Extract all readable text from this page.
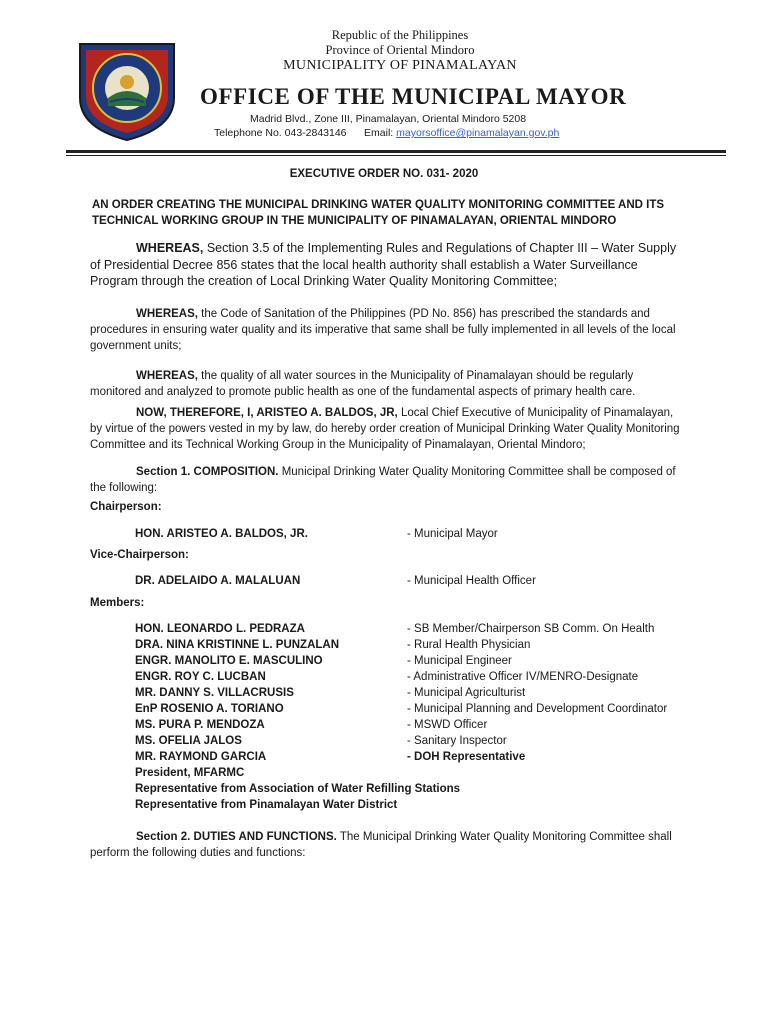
Republic of the Philippines
Province of Oriental Mindoro
MUNICIPALITY OF PINAMALAYAN
OFFICE OF THE MUNICIPAL MAYOR
Madrid Blvd., Zone III, Pinamalayan, Oriental Mindoro 5208
Telephone No. 043-2843146 Email: mayorsoffice@pinamalayan.gov.ph
EXECUTIVE ORDER NO. 031- 2020
AN ORDER CREATING THE MUNICIPAL DRINKING WATER QUALITY MONITORING COMMITTEE AND ITS
TECHNICAL WORKING GROUP IN THE MUNICIPALITY OF PINAMALAYAN, ORIENTAL MINDORO
WHEREAS, Section 3.5 of the Implementing Rules and Regulations of Chapter III – Water Supply of Presidential Decree 856 states that the local health authority shall establish a Water Surveillance Program through the creation of Local Drinking Water Quality Monitoring Committee;
WHEREAS, the Code of Sanitation of the Philippines (PD No. 856) has prescribed the standards and procedures in ensuring water quality and its imperative that same shall be fully implemented in all levels of the local government units;
WHEREAS, the quality of all water sources in the Municipality of Pinamalayan should be regularly monitored and analyzed to promote public health as one of the fundamental aspects of primary health care.
NOW, THEREFORE, I, ARISTEO A. BALDOS, JR, Local Chief Executive of Municipality of Pinamalayan, by virtue of the powers vested in my by law, do hereby order creation of Municipal Drinking Water Quality Monitoring Committee and its Technical Working Group in the Municipality of Pinamalayan, Oriental Mindoro;
Section 1. COMPOSITION. Municipal Drinking Water Quality Monitoring Committee shall be composed of the following:
Chairperson:
HON. ARISTEO A. BALDOS, JR.	- Municipal Mayor
Vice-Chairperson:
DR. ADELAIDO A. MALALUAN	- Municipal Health Officer
Members:
HON. LEONARDO L. PEDRAZA	- SB Member/Chairperson SB Comm. On Health
DRA. NINA KRISTINNE L. PUNZALAN	- Rural Health Physician
ENGR. MANOLITO E. MASCULINO	- Municipal Engineer
ENGR. ROY C. LUCBAN	- Administrative Officer IV/MENRO-Designate
MR. DANNY S. VILLACRUSIS	- Municipal Agriculturist
EnP ROSENIO A. TORIANO	- Municipal Planning and Development Coordinator
MS. PURA P. MENDOZA	- MSWD Officer
MS. OFELIA JALOS	- Sanitary Inspector
MR. RAYMOND GARCIA	- DOH Representative
President, MFARMC
Representative from Association of Water Refilling Stations
Representative from Pinamalayan Water District
Section 2. DUTIES AND FUNCTIONS. The Municipal Drinking Water Quality Monitoring Committee shall perform the following duties and functions:
